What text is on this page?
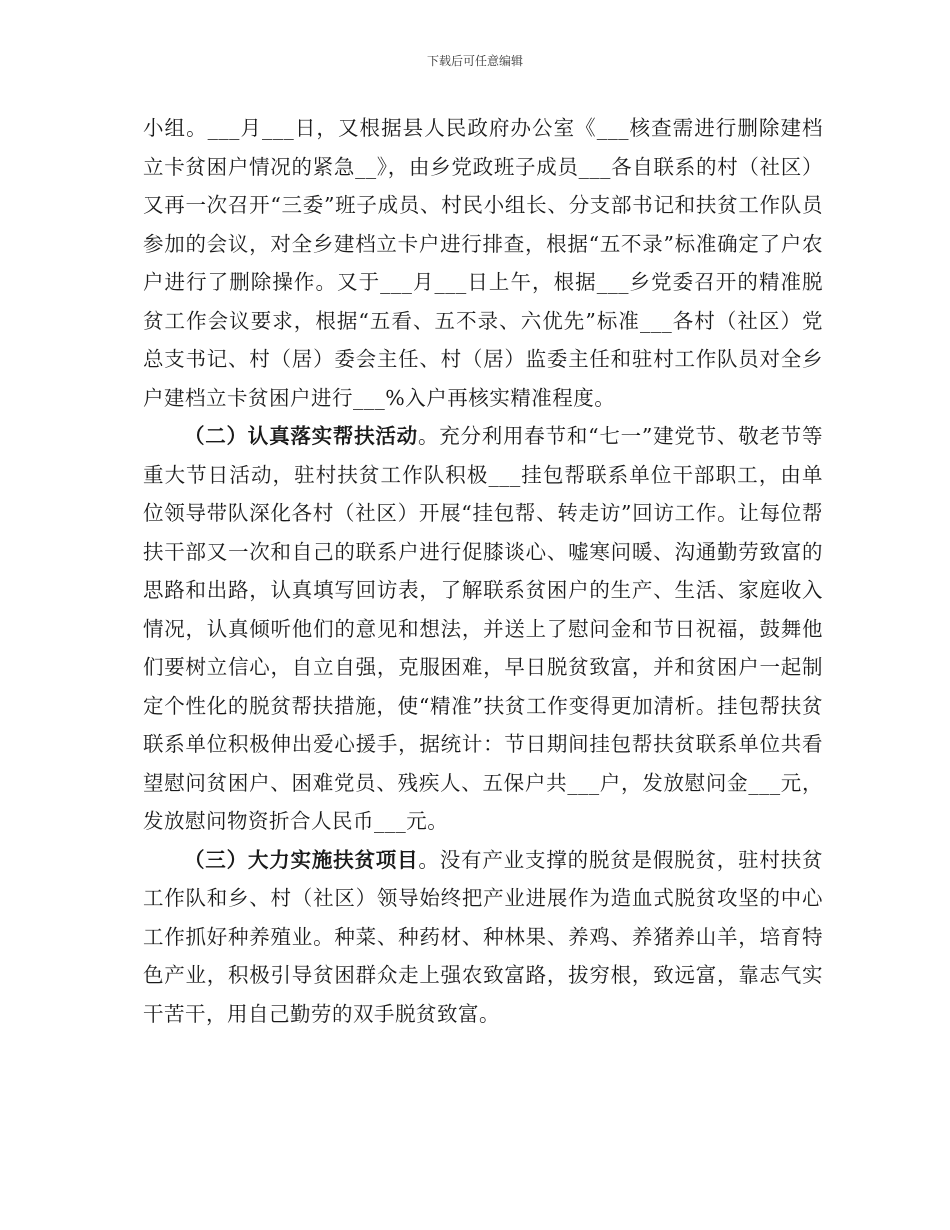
下载后可任意编辑

小组。___月___日，又根据县人民政府办公室《___核查需进行删除建档立卡贫困户情况的紧急__》，由乡党政班子成员___各自联系的村（社区）又再一次召开“三委”班子成员、村民小组长、分支部书记和扶贫工作队员参加的会议，对全乡建档立卡户进行排查，根据“五不录”标准确定了户农户进行了删除操作。又于___月___日上午，根据___乡党委召开的精准脱贫工作会议要求，根据“五看、五不录、六优先”标准___各村（社区）党总支书记、村（居）委会主任、村（居）监委主任和驻村工作队员对全乡户建档立卡贫困户进行___%入户再核实精准程度。

（二）认真落实帮扶活动。充分利用春节和“七一”建党节、敬老节等重大节日活动，驻村扶贫工作队积极___挂包帮联系单位干部职工，由单位领导带队深化各村（社区）开展“挂包帮、转走访”回访工作。让每位帮扶干部又一次和自己的联系户进行促膝谈心、嘘寒问暖、沟通勤劳致富的思路和出路，认真填写回访表，了解联系贫困户的生产、生活、家庭收入情况，认真倾听他们的意见和想法，并送上了慰问金和节日祝福，鼓舞他们要树立信心，自立自强，克服困难，早日脱贫致富，并和贫困户一起制定个性化的脱贫帮扶措施，使“精准”扶贫工作变得更加清析。挂包帮扶贫联系单位积极伸出爱心援手，据统计：节日期间挂包帮扶贫联系单位共看望慰问贫困户、困难党员、残疾人、五保户共___户，发放慰问金___元，发放慰问物资折合人民币___元。

（三）大力实施扶贫项目。没有产业支撑的脱贫是假脱贫，驻村扶贫工作队和乡、村（社区）领导始终把产业进展作为造血式脱贫攻坚的中心工作抓好种养殖业。种菜、种药材、种林果、养鸡、养猪养山羊，培育特色产业，积极引导贫困群众走上强农致富路，拔穷根，致远富，靠志气实干苦干，用自己勤劳的双手脱贫致富。
